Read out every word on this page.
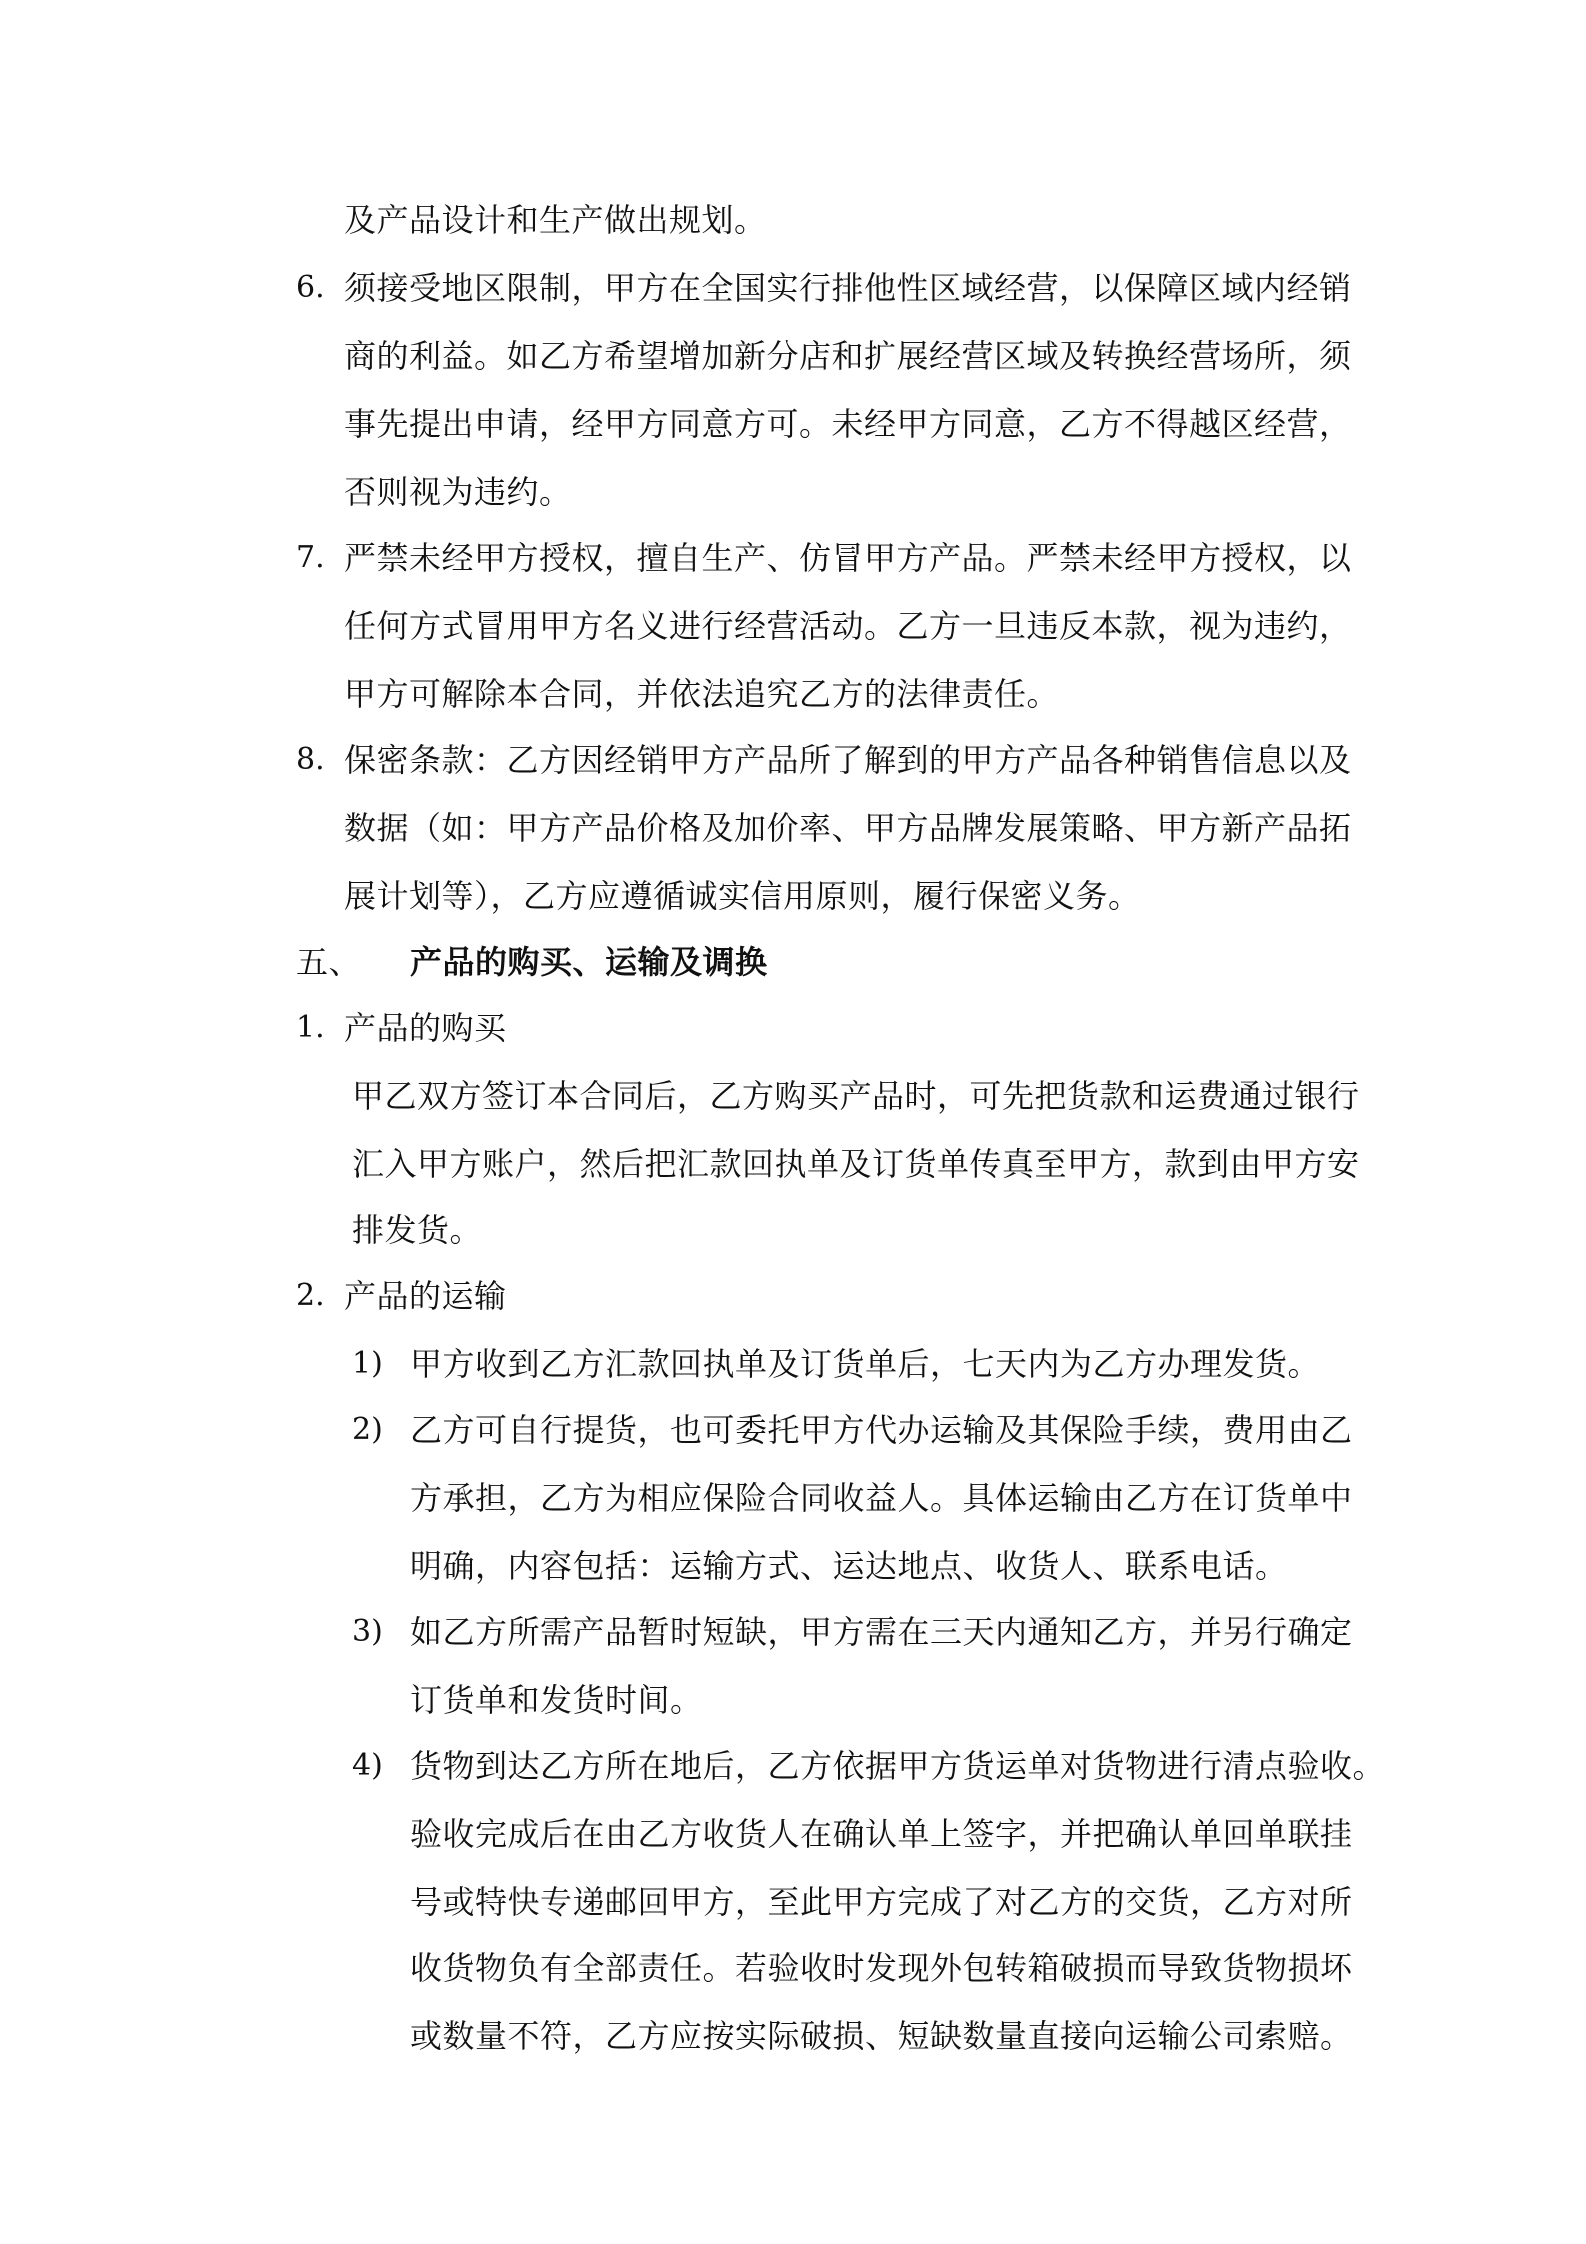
及产品设计和生产做出规划。
6. 须接受地区限制，甲方在全国实行排他性区域经营，以保障区域内经销
商的利益。如乙方希望增加新分店和扩展经营区域及转换经营场所，须
事先提出申请，经甲方同意方可。未经甲方同意，乙方不得越区经营，
否则视为违约。
7. 严禁未经甲方授权，擅自生产、仿冒甲方产品。严禁未经甲方授权，以
任何方式冒用甲方名义进行经营活动。乙方一旦违反本款，视为违约，
甲方可解除本合同，并依法追究乙方的法律责任。
8. 保密条款：乙方因经销甲方产品所了解到的甲方产品各种销售信息以及
数据（如：甲方产品价格及加价率、甲方品牌发展策略、甲方新产品拓
展计划等），乙方应遵循诚实信用原则，履行保密义务。
五、 产品的购买、运输及调换
1. 产品的购买
甲乙双方签订本合同后，乙方购买产品时，可先把货款和运费通过银行
汇入甲方账户，然后把汇款回执单及订货单传真至甲方，款到由甲方安
排发货。
2. 产品的运输
1) 甲方收到乙方汇款回执单及订货单后，七天内为乙方办理发货。
2) 乙方可自行提货，也可委托甲方代办运输及其保险手续，费用由乙
方承担，乙方为相应保险合同收益人。具体运输由乙方在订货单中
明确，内容包括：运输方式、运达地点、收货人、联系电话。
3) 如乙方所需产品暂时短缺，甲方需在三天内通知乙方，并另行确定
订货单和发货时间。
4) 货物到达乙方所在地后，乙方依据甲方货运单对货物进行清点验收。
验收完成后在由乙方收货人在确认单上签字，并把确认单回单联挂
号或特快专递邮回甲方，至此甲方完成了对乙方的交货，乙方对所
收货物负有全部责任。若验收时发现外包转箱破损而导致货物损坏
或数量不符，乙方应按实际破损、短缺数量直接向运输公司索赔。
